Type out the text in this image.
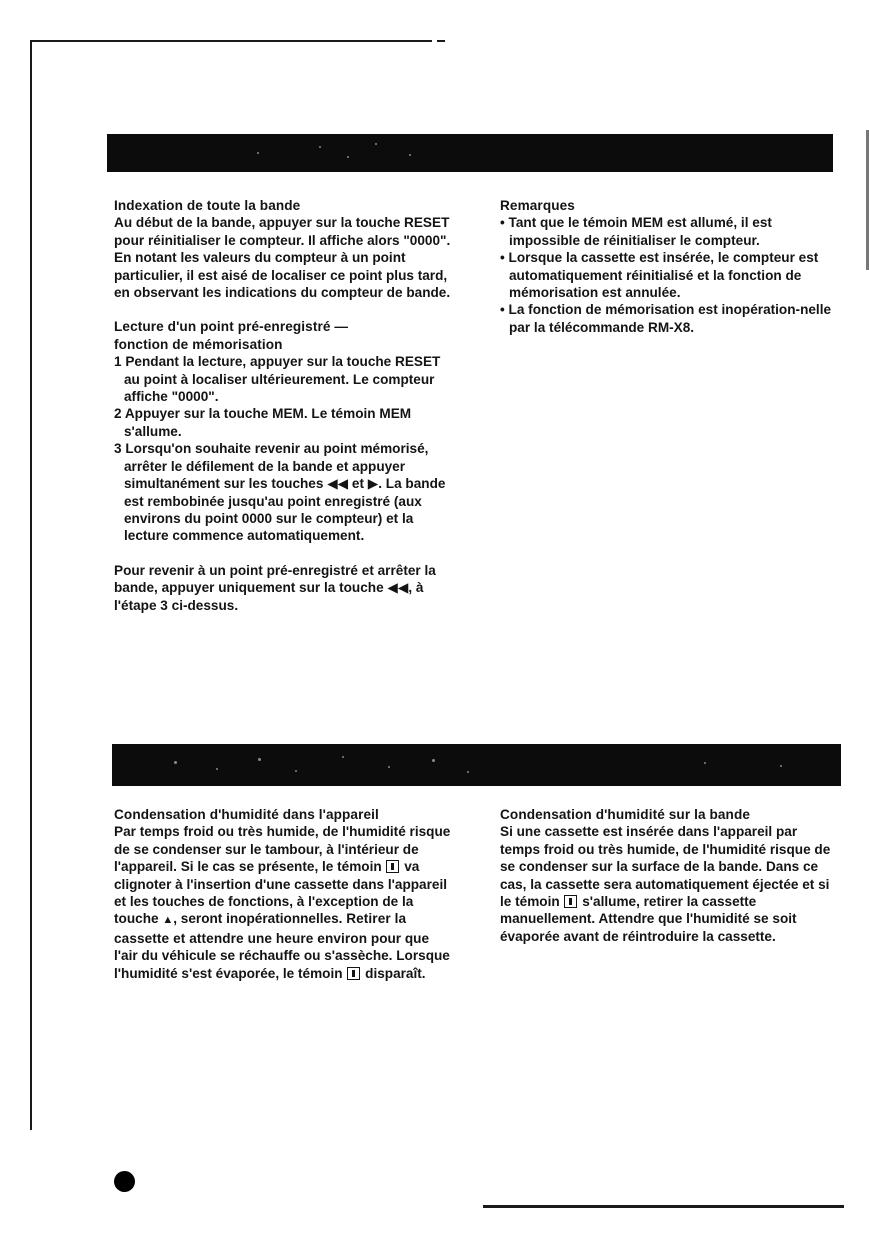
Indexation de toute la bande

Au début de la bande, appuyer sur la touche RESET pour réinitialiser le compteur. Il affiche alors "0000". En notant les valeurs du compteur à un point particulier, il est aisé de localiser ce point plus tard, en observant les indications du compteur de bande.

Lecture d'un point pré-enregistré —

fonction de mémorisation

1 Pendant la lecture, appuyer sur la touche RESET au point à localiser ultérieurement. Le compteur affiche "0000".
2 Appuyer sur la touche MEM. Le témoin MEM s'allume.
3 Lorsqu'on souhaite revenir au point mémorisé, arrêter le défilement de la bande et appuyer simultanément sur les touches ◀◀ et ▶. La bande est rembobinée jusqu'au point enregistré (aux environs du point 0000 sur le compteur) et la lecture commence automatiquement.

Pour revenir à un point pré-enregistré et arrêter la bande, appuyer uniquement sur la touche ◀◀, à l'étape 3 ci-dessus.

Remarques

• Tant que le témoin MEM est allumé, il est impossible de réinitialiser le compteur.
• Lorsque la cassette est insérée, le compteur est automatiquement réinitialisé et la fonction de mémorisation est annulée.
• La fonction de mémorisation est inopération-nelle par la télécommande RM-X8.

Condensation d'humidité dans l'appareil

Par temps froid ou très humide, de l'humidité risque de se condenser sur le tambour, à l'intérieur de l'appareil. Si le cas se présente, le témoin va clignoter à l'insertion d'une cassette dans l'appareil et les touches de fonctions, à l'exception de la touche ▲, seront inopérationnelles. Retirer la cassette et attendre une heure environ pour que l'air du véhicule se réchauffe ou s'assèche. Lorsque l'humidité s'est évaporée, le témoin disparaît.

Condensation d'humidité sur la bande

Si une cassette est insérée dans l'appareil par temps froid ou très humide, de l'humidité risque de se condenser sur la surface de la bande. Dans ce cas, la cassette sera automatiquement éjectée et si le témoin s'allume, retirer la cassette manuellement. Attendre que l'humidité se soit évaporée avant de réintroduire la cassette.
